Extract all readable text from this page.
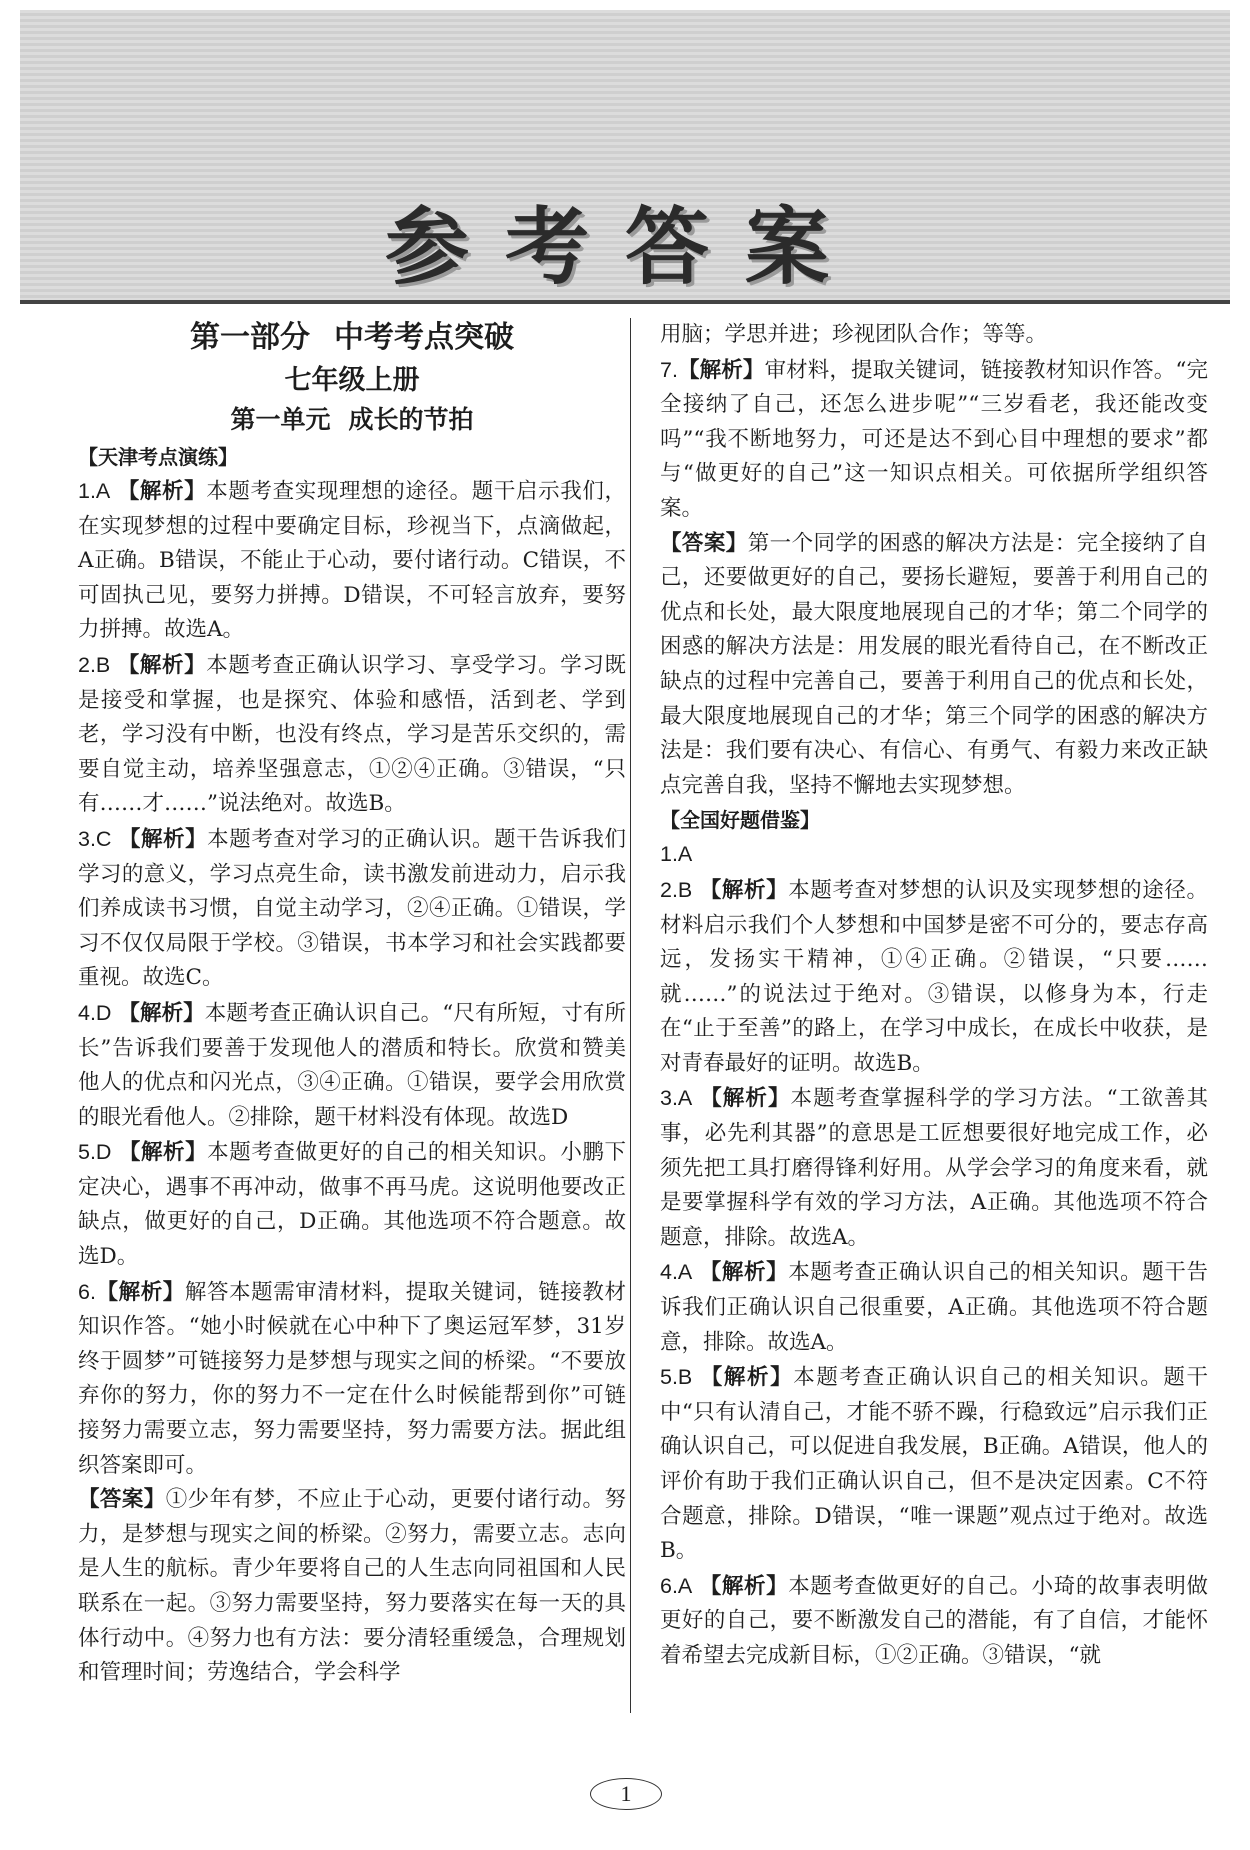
参考答案
第一部分 中考考点突破
七年级上册
第一单元 成长的节拍
【天津考点演练】

1.A 【解析】本题考查实现理想的途径。题干启示我们，在实现梦想的过程中要确定目标，珍视当下，点滴做起，A正确。B错误，不能止于心动，要付诸行动。C错误，不可固执己见，要努力拼搏。D错误，不可轻言放弃，要努力拼搏。故选A。

2.B 【解析】本题考查正确认识学习、享受学习。学习既是接受和掌握，也是探究、体验和感悟，活到老、学到老，学习没有中断，也没有终点，学习是苦乐交织的，需要自觉主动，培养坚强意志，①②④正确。③错误，“只有……才……”说法绝对。故选B。

3.C 【解析】本题考查对学习的正确认识。题干告诉我们学习的意义，学习点亮生命，读书激发前进动力，启示我们养成读书习惯，自觉主动学习，②④正确。①错误，学习不仅仅局限于学校。③错误，书本学习和社会实践都要重视。故选C。

4.D 【解析】本题考查正确认识自己。“尺有所短，寸有所长”告诉我们要善于发现他人的潜质和特长。欣赏和赞美他人的优点和闪光点，③④正确。①错误，要学会用欣赏的眼光看他人。②排除，题干材料没有体现。故选D

5.D 【解析】本题考查做更好的自己的相关知识。小鹏下定决心，遇事不再冲动，做事不再马虎。这说明他要改正缺点，做更好的自己，D正确。其他选项不符合题意。故选D。

6.【解析】解答本题需审清材料，提取关键词，链接教材知识作答。“她小时候就在心中种下了奥运冠军梦，31岁终于圆梦”可链接努力是梦想与现实之间的桥梁。“不要放弃你的努力，你的努力不一定在什么时候能帮到你”可链接努力需要立志，努力需要坚持，努力需要方法。据此组织答案即可。

【答案】①少年有梦，不应止于心动，更要付诸行动。努力，是梦想与现实之间的桥梁。②努力，需要立志。志向是人生的航标。青少年要将自己的人生志向同祖国和人民联系在一起。③努力需要坚持，努力要落实在每一天的具体行动中。④努力也有方法：要分清轻重缓急，合理规划和管理时间；劳逸结合，学会科学

用脑；学思并进；珍视团队合作；等等。

7.【解析】审材料，提取关键词，链接教材知识作答。“完全接纳了自己，还怎么进步呢”“三岁看老，我还能改变吗”“我不断地努力，可还是达不到心目中理想的要求”都与“做更好的自己”这一知识点相关。可依据所学组织答案。

【答案】第一个同学的困惑的解决方法是：完全接纳了自己，还要做更好的自己，要扬长避短，要善于利用自己的优点和长处，最大限度地展现自己的才华；第二个同学的困惑的解决方法是：用发展的眼光看待自己，在不断改正缺点的过程中完善自己，要善于利用自己的优点和长处，最大限度地展现自己的才华；第三个同学的困惑的解决方法是：我们要有决心、有信心、有勇气、有毅力来改正缺点完善自我，坚持不懈地去实现梦想。

【全国好题借鉴】

1.A

2.B 【解析】本题考查对梦想的认识及实现梦想的途径。材料启示我们个人梦想和中国梦是密不可分的，要志存高远，发扬实干精神，①④正确。②错误，“只要……就……”的说法过于绝对。③错误，以修身为本，行走在“止于至善”的路上，在学习中成长，在成长中收获，是对青春最好的证明。故选B。

3.A 【解析】本题考查掌握科学的学习方法。“工欲善其事，必先利其器”的意思是工匠想要很好地完成工作，必须先把工具打磨得锋利好用。从学会学习的角度来看，就是要掌握科学有效的学习方法，A正确。其他选项不符合题意，排除。故选A。

4.A 【解析】本题考查正确认识自己的相关知识。题干告诉我们正确认识自己很重要，A正确。其他选项不符合题意，排除。故选A。

5.B 【解析】本题考查正确认识自己的相关知识。题干中“只有认清自己，才能不骄不躁，行稳致远”启示我们正确认识自己，可以促进自我发展，B正确。A错误，他人的评价有助于我们正确认识自己，但不是决定因素。C不符合题意，排除。D错误，“唯一课题”观点过于绝对。故选B。

6.A 【解析】本题考查做更好的自己。小琦的故事表明做更好的自己，要不断激发自己的潜能，有了自信，才能怀着希望去完成新目标，①②正确。③错误，“就

1
